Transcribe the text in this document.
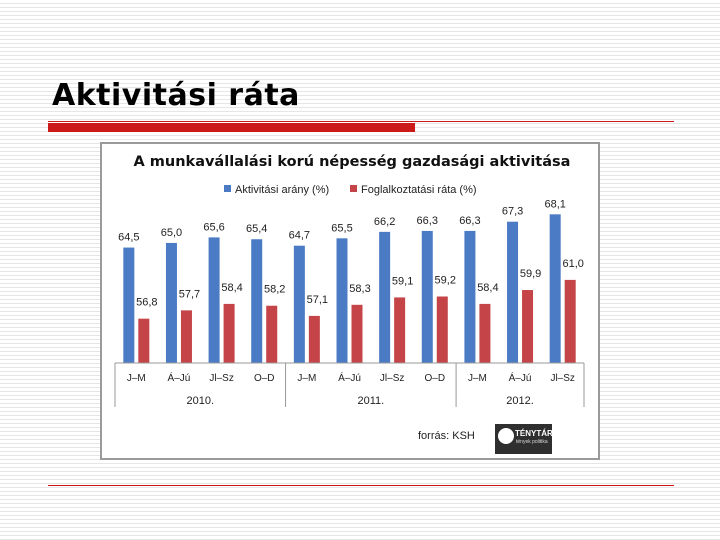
Aktivitási ráta
A munkavállalási korú népesség gazdasági aktivitása
Aktivitási arány (%)	Foglalkoztatási ráta (%)
64,5
56,8
65,0
57,7
65,6
58,4
65,4
58,2
64,7
57,1
65,5
58,3
66,2
59,1
66,3
59,2
66,3
58,4
67,3
59,9
68,1
61,0
J–M Á–Jú Jl–Sz O–D J–M Á–Jú Jl–Sz O–D J–M Á–Jú Jl–Sz
2010.	2011.	2012.
forrás: KSH	TÉNYTÁR
tények politika
